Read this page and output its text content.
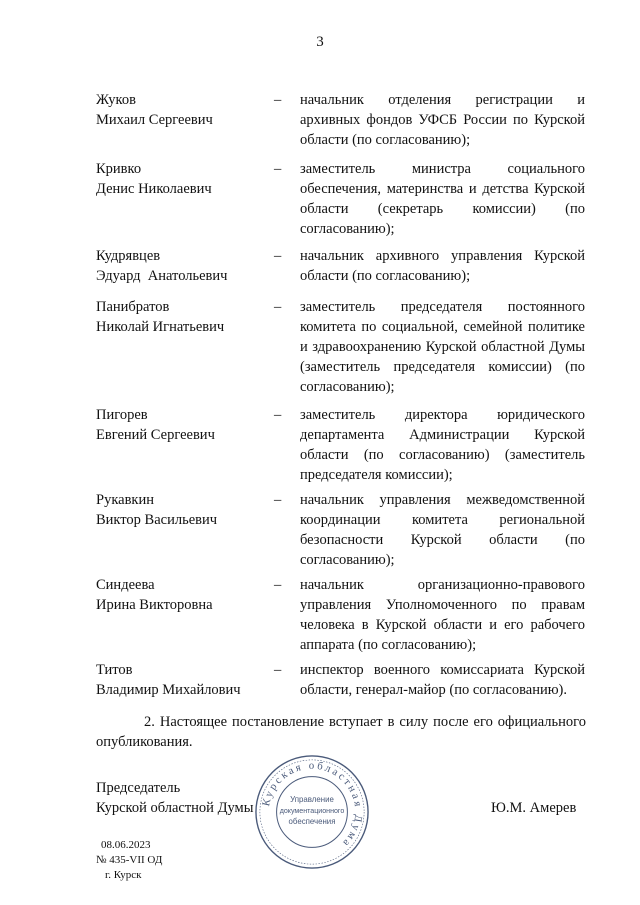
3
Жуков
Михаил Сергеевич
– начальник отделения регистрации и архивных фондов УФСБ России по Курской области (по согласованию);
Кривко
Денис Николаевич
– заместитель министра социального обеспечения, материнства и детства Курской области (секретарь комиссии) (по согласованию);
Кудрявцев
Эдуард  Анатольевич
– начальник архивного управления Курской области (по согласованию);
Панибратов
Николай Игнатьевич
– заместитель председателя постоянного комитета по социальной, семейной политике и здравоохранению Курской областной Думы (заместитель председателя комиссии) (по согласованию);
Пигорев
Евгений Сергеевич
– заместитель директора юридического департамента Администрации Курской области (по согласованию) (заместитель председателя комиссии);
Рукавкин
Виктор Васильевич
– начальник управления межведомственной координации комитета региональной безопасности Курской области (по согласованию);
Синдеева
Ирина Викторовна
– начальник организационно-правового управления Уполномоченного по правам человека в Курской области и его рабочего аппарата (по согласованию);
Титов
Владимир Михайлович
– инспектор военного комиссариата Курской области, генерал-майор (по согласованию).
2. Настоящее постановление вступает в силу после его официального опубликования.
Председатель
Курской областной Думы	Ю.М. Амерев
Курская областная Дума
Управление
документационного
обеспечения
08.06.2023
№ 435-VII ОД
г. Курск
